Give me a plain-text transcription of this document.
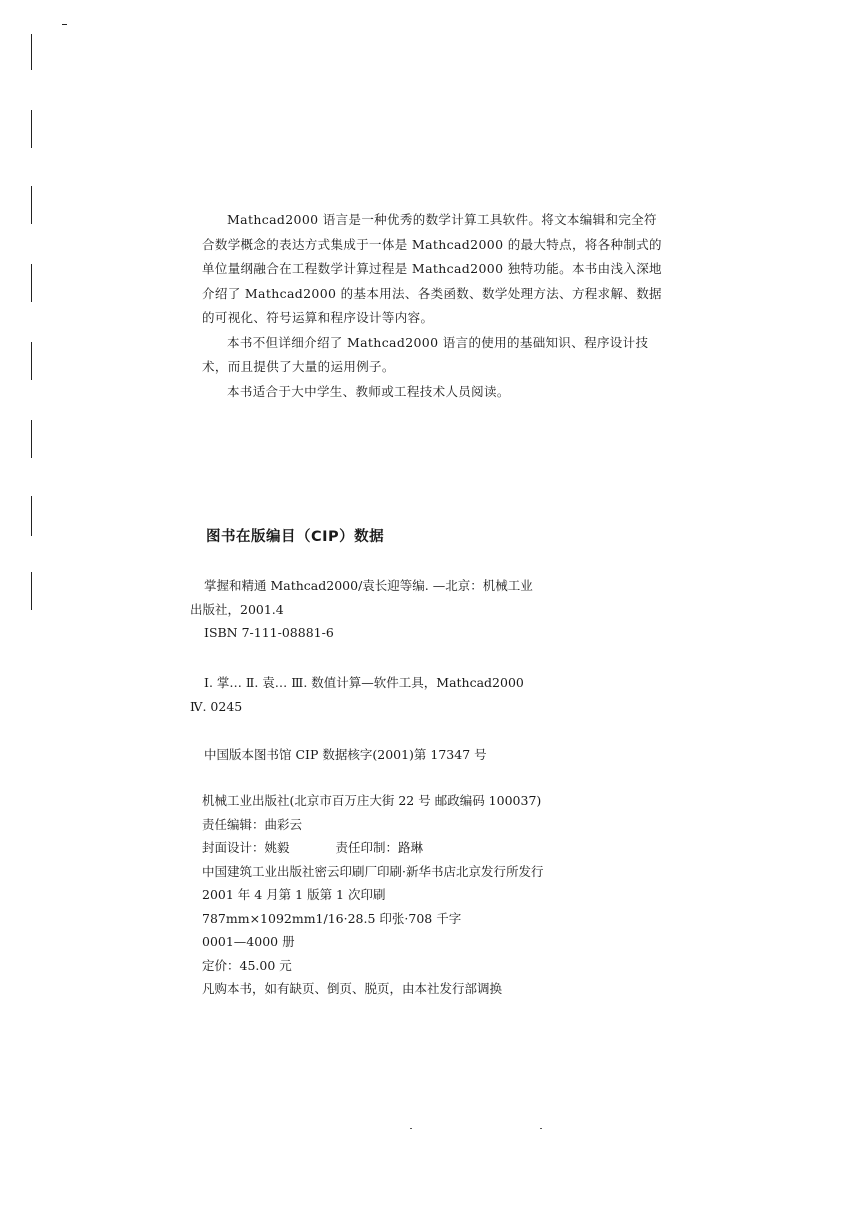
Mathcad2000 语言是一种优秀的数学计算工具软件。将文本编辑和完全符合数学概念的表达方式集成于一体是 Mathcad2000 的最大特点，将各种制式的单位量纲融合在工程数学计算过程是 Mathcad2000 独特功能。本书由浅入深地介绍了 Mathcad2000 的基本用法、各类函数、数学处理方法、方程求解、数据的可视化、符号运算和程序设计等内容。

本书不但详细介绍了 Mathcad2000 语言的使用的基础知识、程序设计技术，而且提供了大量的运用例子。

本书适合于大中学生、教师或工程技术人员阅读。

图书在版编目（CIP）数据
掌握和精通 Mathcad2000/袁长迎等编. —北京：机械工业
出版社，2001.4
ISBN 7-111-08881-6
Ⅰ. 掌… Ⅱ. 袁… Ⅲ. 数值计算—软件工具，Mathcad2000
Ⅳ. 0245
中国版本图书馆 CIP 数据核字(2001)第 17347 号
机械工业出版社(北京市百万庄大街 22 号 邮政编码 100037)
责任编辑：曲彩云
封面设计：姚毅	责任印制：路琳
中国建筑工业出版社密云印刷厂印刷·新华书店北京发行所发行
2001 年 4 月第 1 版第 1 次印刷
787mm×1092mm1/16·28.5 印张·708 千字
0001—4000 册
定价：45.00 元
凡购本书，如有缺页、倒页、脱页，由本社发行部调换
